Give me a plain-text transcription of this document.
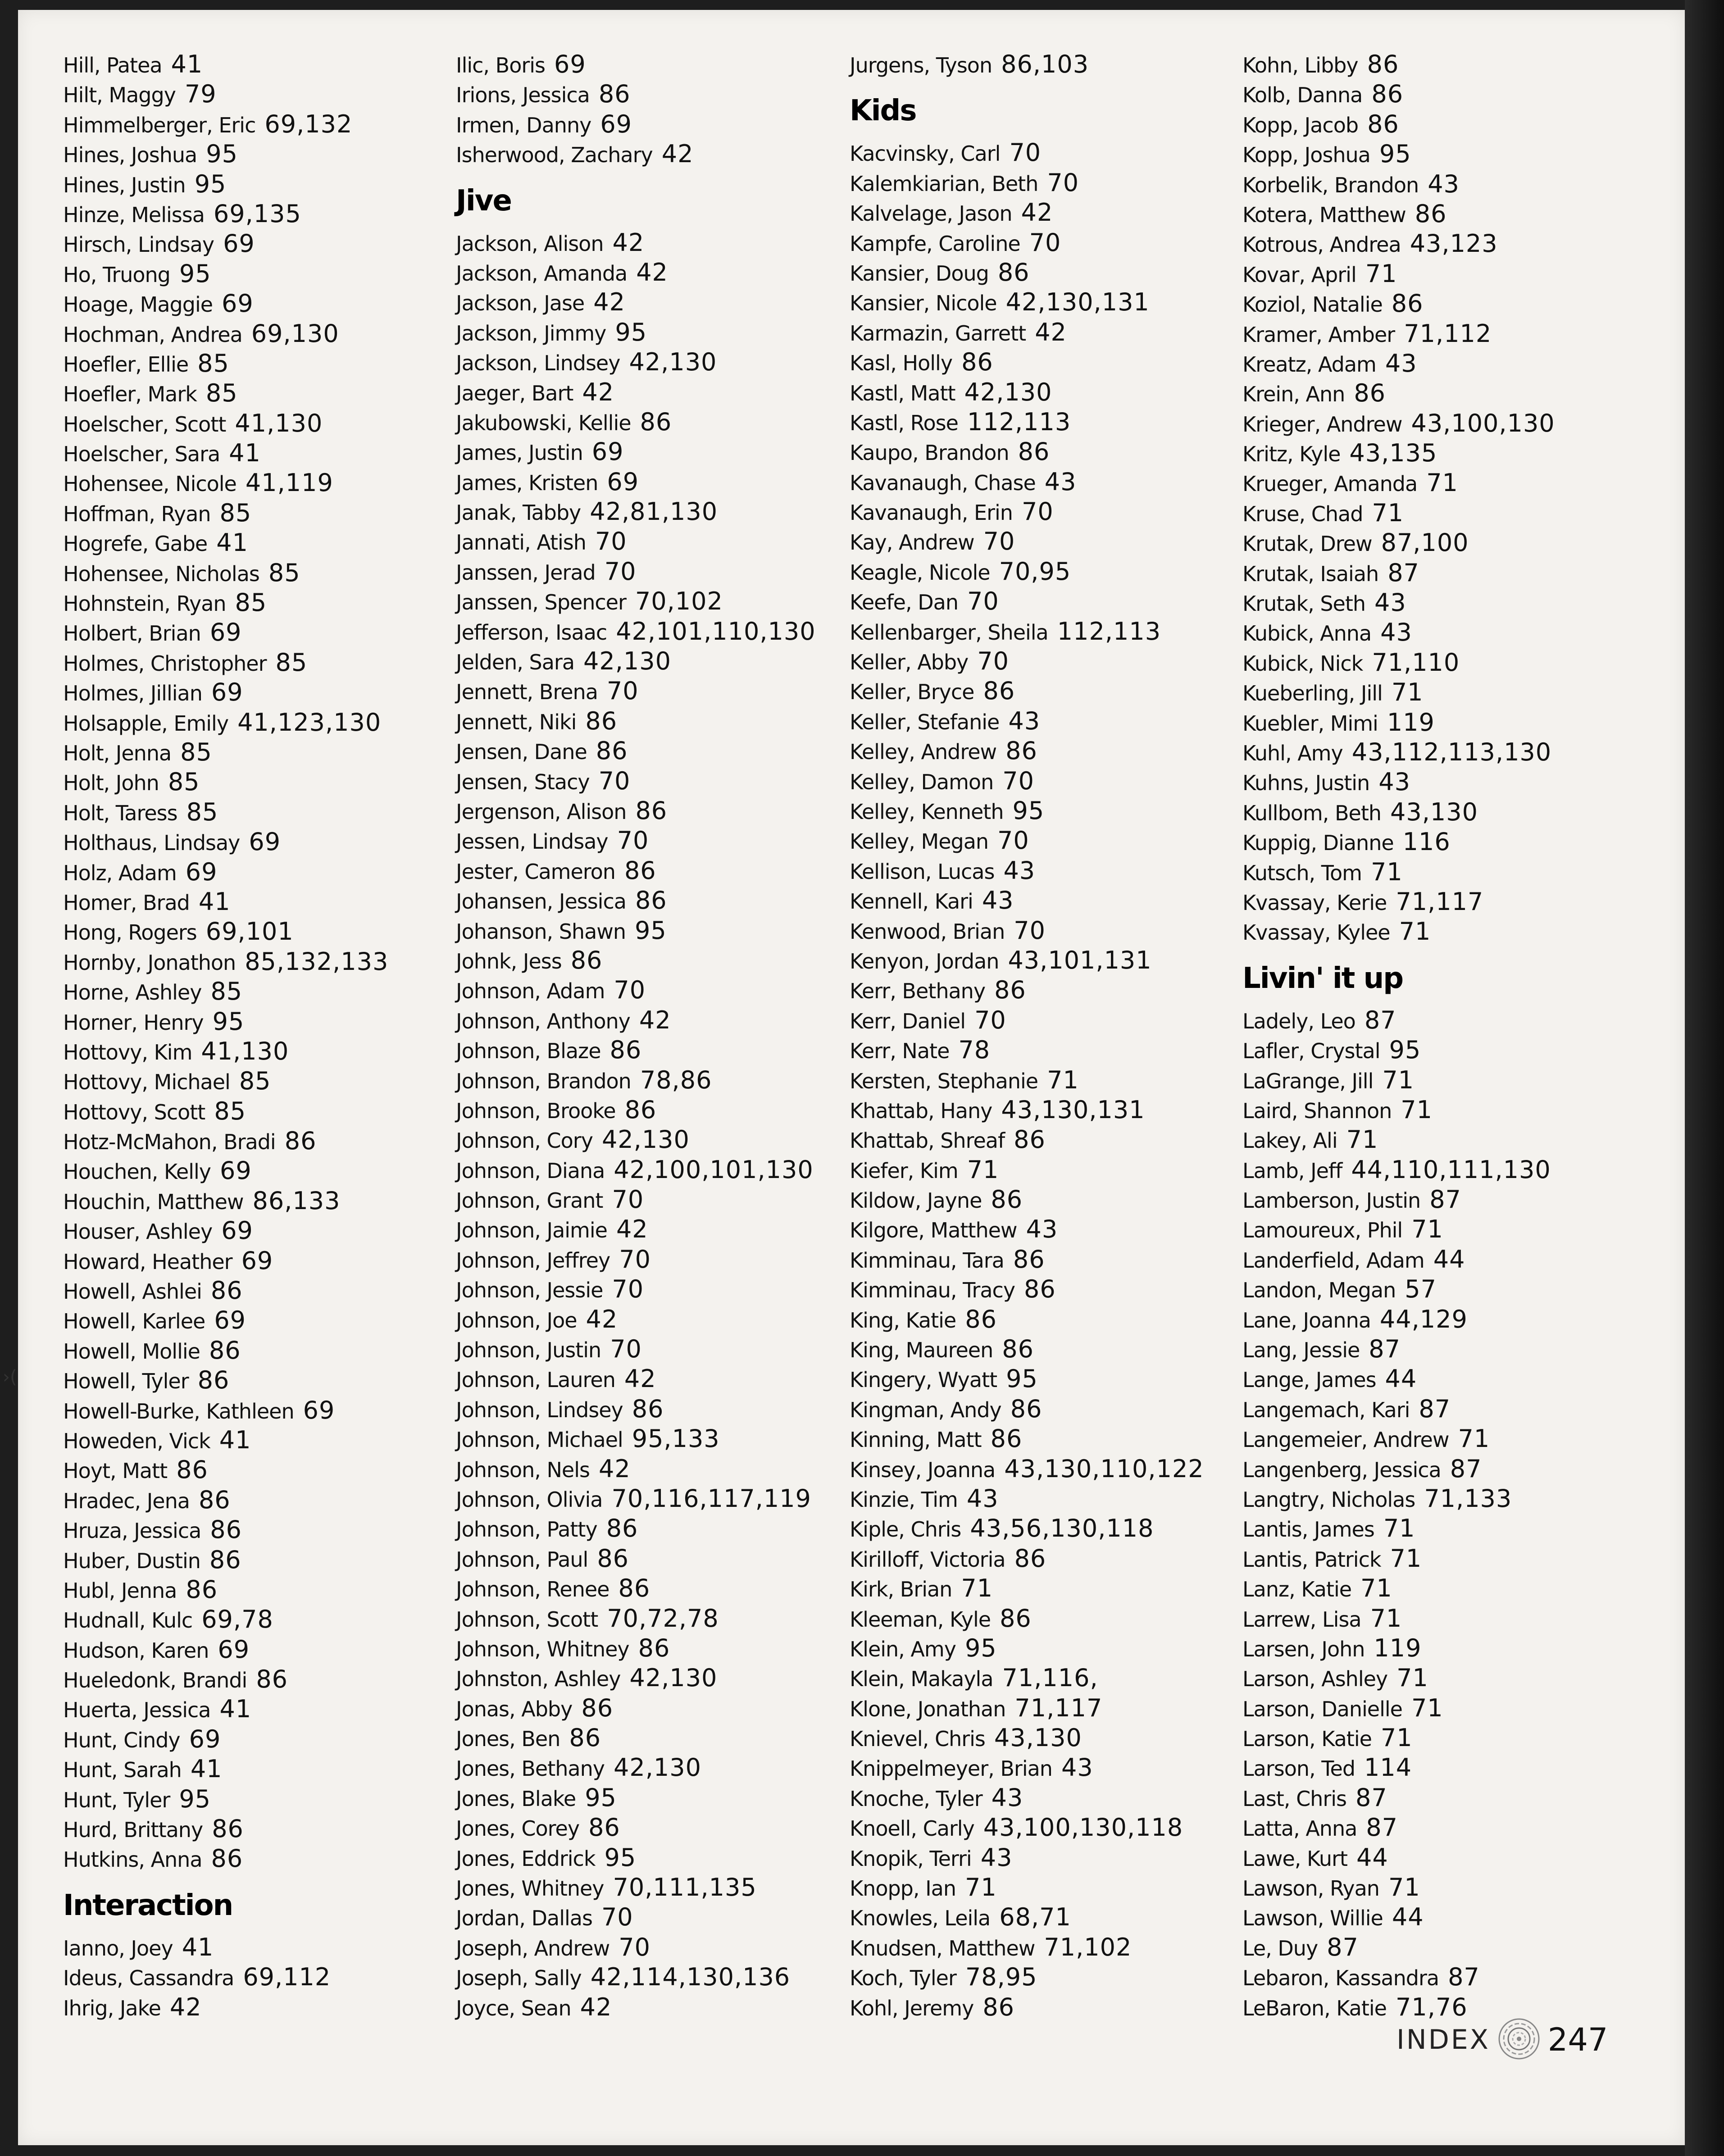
›(
Hill, Patea 41
Hilt, Maggy 79
Himmelberger, Eric 69,132
Hines, Joshua 95
Hines, Justin 95
Hinze, Melissa 69,135
Hirsch, Lindsay 69
Ho, Truong 95
Hoage, Maggie 69
Hochman, Andrea 69,130
Hoefler, Ellie 85
Hoefler, Mark 85
Hoelscher, Scott 41,130
Hoelscher, Sara 41
Hohensee, Nicole 41,119
Hoffman, Ryan 85
Hogrefe, Gabe 41
Hohensee, Nicholas 85
Hohnstein, Ryan 85
Holbert, Brian 69
Holmes, Christopher 85
Holmes, Jillian 69
Holsapple, Emily 41,123,130
Holt, Jenna 85
Holt, John 85
Holt, Taress 85
Holthaus, Lindsay 69
Holz, Adam 69
Homer, Brad 41
Hong, Rogers 69,101
Hornby, Jonathon 85,132,133
Horne, Ashley 85
Horner, Henry 95
Hottovy, Kim 41,130
Hottovy, Michael 85
Hottovy, Scott 85
Hotz-McMahon, Bradi 86
Houchen, Kelly 69
Houchin, Matthew 86,133
Houser, Ashley 69
Howard, Heather 69
Howell, Ashlei 86
Howell, Karlee 69
Howell, Mollie 86
Howell, Tyler 86
Howell-Burke, Kathleen 69
Howeden, Vick 41
Hoyt, Matt 86
Hradec, Jena 86
Hruza, Jessica 86
Huber, Dustin 86
Hubl, Jenna 86
Hudnall, Kulc 69,78
Hudson, Karen 69
Hueledonk, Brandi 86
Huerta, Jessica 41
Hunt, Cindy 69
Hunt, Sarah 41
Hunt, Tyler 95
Hurd, Brittany 86
Hutkins, Anna 86
Interaction
Ianno, Joey 41
Ideus, Cassandra 69,112
Ihrig, Jake 42
Ilic, Boris 69
Irions, Jessica 86
Irmen, Danny 69
Isherwood, Zachary 42
Jive
Jackson, Alison 42
Jackson, Amanda 42
Jackson, Jase 42
Jackson, Jimmy 95
Jackson, Lindsey 42,130
Jaeger, Bart 42
Jakubowski, Kellie 86
James, Justin 69
James, Kristen 69
Janak, Tabby 42,81,130
Jannati, Atish 70
Janssen, Jerad 70
Janssen, Spencer 70,102
Jefferson, Isaac 42,101,110,130
Jelden, Sara 42,130
Jennett, Brena 70
Jennett, Niki 86
Jensen, Dane 86
Jensen, Stacy 70
Jergenson, Alison 86
Jessen, Lindsay 70
Jester, Cameron 86
Johansen, Jessica 86
Johanson, Shawn 95
Johnk, Jess 86
Johnson, Adam 70
Johnson, Anthony 42
Johnson, Blaze 86
Johnson, Brandon 78,86
Johnson, Brooke 86
Johnson, Cory 42,130
Johnson, Diana 42,100,101,130
Johnson, Grant 70
Johnson, Jaimie 42
Johnson, Jeffrey 70
Johnson, Jessie 70
Johnson, Joe 42
Johnson, Justin 70
Johnson, Lauren 42
Johnson, Lindsey 86
Johnson, Michael 95,133
Johnson, Nels 42
Johnson, Olivia 70,116,117,119
Johnson, Patty 86
Johnson, Paul 86
Johnson, Renee 86
Johnson, Scott 70,72,78
Johnson, Whitney 86
Johnston, Ashley 42,130
Jonas, Abby 86
Jones, Ben 86
Jones, Bethany 42,130
Jones, Blake 95
Jones, Corey 86
Jones, Eddrick 95
Jones, Whitney 70,111,135
Jordan, Dallas 70
Joseph, Andrew 70
Joseph, Sally 42,114,130,136
Joyce, Sean 42
Jurgens, Tyson 86,103
Kids
Kacvinsky, Carl 70
Kalemkiarian, Beth 70
Kalvelage, Jason 42
Kampfe, Caroline 70
Kansier, Doug 86
Kansier, Nicole 42,130,131
Karmazin, Garrett 42
Kasl, Holly 86
Kastl, Matt 42,130
Kastl, Rose 112,113
Kaupo, Brandon 86
Kavanaugh, Chase 43
Kavanaugh, Erin 70
Kay, Andrew 70
Keagle, Nicole 70,95
Keefe, Dan 70
Kellenbarger, Sheila 112,113
Keller, Abby 70
Keller, Bryce 86
Keller, Stefanie 43
Kelley, Andrew 86
Kelley, Damon 70
Kelley, Kenneth 95
Kelley, Megan 70
Kellison, Lucas 43
Kennell, Kari 43
Kenwood, Brian 70
Kenyon, Jordan 43,101,131
Kerr, Bethany 86
Kerr, Daniel 70
Kerr, Nate 78
Kersten, Stephanie 71
Khattab, Hany 43,130,131
Khattab, Shreaf 86
Kiefer, Kim 71
Kildow, Jayne 86
Kilgore, Matthew 43
Kimminau, Tara 86
Kimminau, Tracy 86
King, Katie 86
King, Maureen 86
Kingery, Wyatt 95
Kingman, Andy 86
Kinning, Matt 86
Kinsey, Joanna 43,130,110,122
Kinzie, Tim 43
Kiple, Chris 43,56,130,118
Kirilloff, Victoria 86
Kirk, Brian 71
Kleeman, Kyle 86
Klein, Amy 95
Klein, Makayla 71,116,
Klone, Jonathan 71,117
Knievel, Chris 43,130
Knippelmeyer, Brian 43
Knoche, Tyler 43
Knoell, Carly 43,100,130,118
Knopik, Terri 43
Knopp, Ian 71
Knowles, Leila 68,71
Knudsen, Matthew 71,102
Koch, Tyler 78,95
Kohl, Jeremy 86
Kohn, Libby 86
Kolb, Danna 86
Kopp, Jacob 86
Kopp, Joshua 95
Korbelik, Brandon 43
Kotera, Matthew 86
Kotrous, Andrea 43,123
Kovar, April 71
Koziol, Natalie 86
Kramer, Amber 71,112
Kreatz, Adam 43
Krein, Ann 86
Krieger, Andrew 43,100,130
Kritz, Kyle 43,135
Krueger, Amanda 71
Kruse, Chad 71
Krutak, Drew 87,100
Krutak, Isaiah 87
Krutak, Seth 43
Kubick, Anna 43
Kubick, Nick 71,110
Kueberling, Jill 71
Kuebler, Mimi 119
Kuhl, Amy 43,112,113,130
Kuhns, Justin 43
Kullbom, Beth 43,130
Kuppig, Dianne 116
Kutsch, Tom 71
Kvassay, Kerie 71,117
Kvassay, Kylee 71
Livin' it up
Ladely, Leo 87
Lafler, Crystal 95
LaGrange, Jill 71
Laird, Shannon 71
Lakey, Ali 71
Lamb, Jeff 44,110,111,130
Lamberson, Justin 87
Lamoureux, Phil 71
Landerfield, Adam 44
Landon, Megan 57
Lane, Joanna 44,129
Lang, Jessie 87
Lange, James 44
Langemach, Kari 87
Langemeier, Andrew 71
Langenberg, Jessica 87
Langtry, Nicholas 71,133
Lantis, James 71
Lantis, Patrick 71
Lanz, Katie 71
Larrew, Lisa 71
Larsen, John 119
Larson, Ashley 71
Larson, Danielle 71
Larson, Katie 71
Larson, Ted 114
Last, Chris 87
Latta, Anna 87
Lawe, Kurt 44
Lawson, Ryan 71
Lawson, Willie 44
Le, Duy 87
Lebaron, Kassandra 87
LeBaron, Katie 71,76
INDEX 247
